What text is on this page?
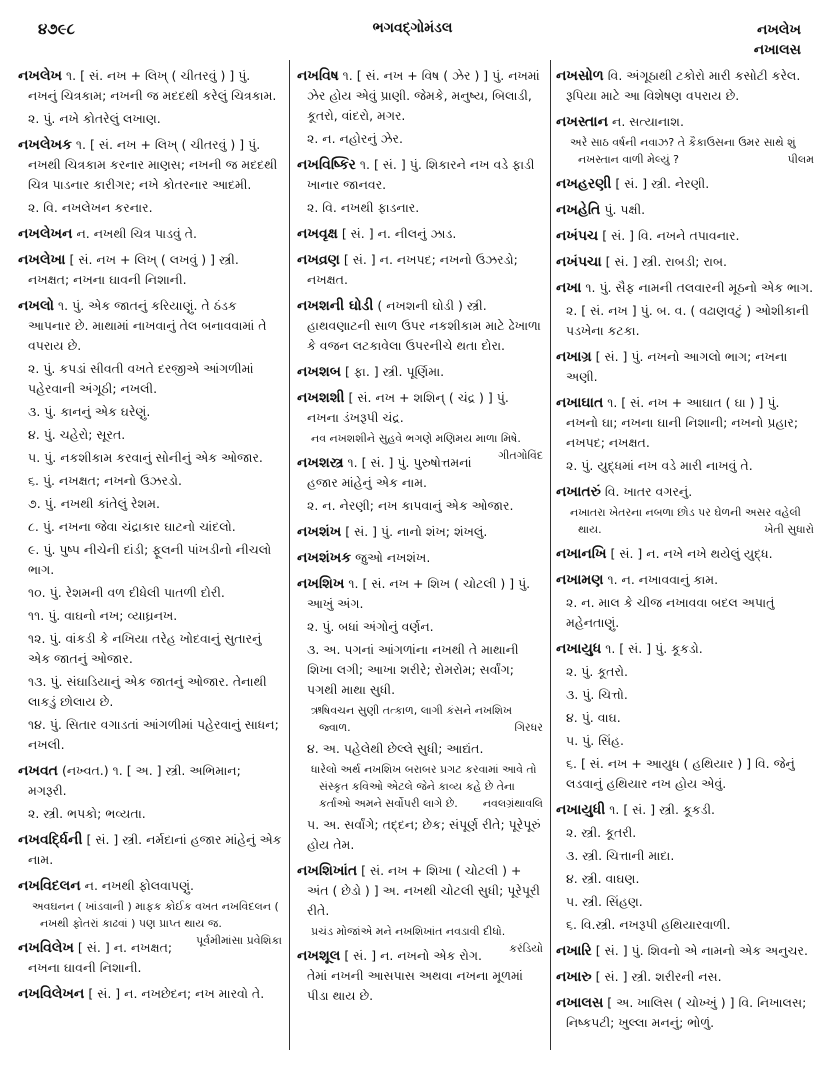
૪૭૯૮	ભગવદ્ગોમંડલ	નખલેખ
નખાલસ
નખલેખ ૧. [ સં. નખ + લિખ્ ( ચીતરવું ) ] પું. નખનું ચિત્રકામ; નખની જ મદદથી કરેલું ચિત્રકામ.
૨. પું. નખે કોતરેલું લખાણ.
નખલેખક ૧. [ સં. નખ + લિખ્ ( ચીતરવું ) ] પું. નખથી ચિત્રકામ કરનાર માણસ; નખની જ મદદથી ચિત્ર પાડનાર કારીગર; નખે કોતરનાર આદમી.
૨. વિ. નખલેખન કરનાર.
નખલેખન ન. નખથી ચિત્ર પાડવું તે.
નખલેખા [ સં. નખ + લિખ્ ( લખવું ) ] સ્ત્રી. નખક્ષત; નખના ઘાવની નિશાની.
નખલો ૧. પું. એક જાતનું કરિયાણું. તે ઠંડક આપનાર છે. માથામાં નાખવાનું તેલ બનાવવામાં તે વપરાય છે.
૨. પું. કપડાં સીવતી વખતે દરજીએ આંગળીમાં પહેરવાની અંગૂઠી; નખલી.
૩. પું. કાનનું એક ઘરેણું.
૪. પું. ચહેરો; સૂરત.
૫. પું. નકશીકામ કરવાનું સોનીનું એક ઓજાર.
૬. પું. નખક્ષત; નખનો ઉઝરડો.
૭. પું. નખથી કાંતેલું રેશમ.
૮. પું. નખના જેવા ચંદ્રાકાર ઘાટનો ચાંદલો.
૯. પું. પુષ્પ નીચેની દાંડી; ફૂલની પાંખડીનો નીચલો ભાગ.
૧૦. પું. રેશમની વળ દીધેલી પાતળી દોરી.
૧૧. પું. વાઘનો નખ; વ્યાઘ્રનખ.
૧૨. પું. વાંકડી કે નખિયા તરેહ ખોદવાનું સુતારનું એક જાતનું ઓજાર.
૧૩. પું. સંઘાડિયાનું એક જાતનું ઓજાર. તેનાથી લાકડું છોલાય છે.
૧૪. પું. સિતાર વગાડતાં આંગળીમાં પહેરવાનું સાધન; નખલી.
નખવત (નખ્વત.) ૧. [ અ. ] સ્ત્રી. અભિમાન; મગરૂરી.
૨. સ્ત્રી. ભપકો; ભવ્યતા.
નખવર્દ્ધિની [ સં. ] સ્ત્રી. નર્મદાનાં હજાર માંહેનું એક નામ.
નખવિદલન ન. નખથી ફોલવાપણું.
અવઘનન ( ખાંડવાની ) માફક કોઈક વખત નખવિદલન ( નખથી ફોતરાં કાઢવાં ) પણ પ્રાપ્ત થાય જ.
પૂર્વમીમાંસા પ્રવેશિકા
નખવિલેખ [ સં. ] ન. નખક્ષત; નખના ઘાવની નિશાની.
નખવિલેખન [ સં. ] ન. નખછેદન; નખ મારવો તે.
નખવિષ ૧. [ સં. નખ + વિષ ( ઝેર ) ] પું. નખમાં ઝેર હોય એવું પ્રાણી. જેમકે, મનુષ્ય, બિલાડી, કૂતરો, વાંદરો, મગર.
૨. ન. નહોરનું ઝેર.
નખવિષ્કિર ૧. [ સં. ] પું. શિકારને નખ વડે ફાડી ખાનાર જાનવર.
૨. વિ. નખથી ફાડનાર.
નખવૃક્ષ [ સં. ] ન. નીલનું ઝાડ.
નખવ્રણ [ સં. ] ન. નખપદ; નખનો ઉઝરડો; નખક્ષત.
નખશની ઘોડી ( નખશની ઘોડી ) સ્ત્રી. હાથવણાટની સાળ ઉપર નકશીકામ માટે ઢેખાળા કે વજન લટકાવેલા ઉપરનીચે થતા દોરા.
નખશબ [ ફા. ] સ્ત્રી. પૂર્ણિમા.
નખશશી [ સં. નખ + શશિન્ ( ચંદ્ર ) ] પું. નખના ડંખરૂપી ચંદ્ર.
નવ નખશશીને સુહવે ભગણે મણિમય માળા મિષે.
ગીતગોવિંદ
નખશસ્ત્ર ૧. [ સં. ] પું. પુરુષોત્તમનાં હજાર માંહેનું એક નામ.
૨. ન. નેરણી; નખ કાપવાનું એક ઓજાર.
નખશંખ [ સં. ] પું. નાનો શંખ; શંખલું.
નખશંખક જુઓ નખશંખ.
નખશિખ ૧. [ સં. નખ + શિખ ( ચોટલી ) ] પું. આખું અંગ.
૨. પું. બધાં અંગોનું વર્ણન.
૩. અ. પગનાં આંગળાંના નખથી તે માથાની શિખા લગી; આખા શરીરે; રોમરોમ; સર્વાંગ; પગથી માથા સુધી.
ઋષિવચન સુણી તત્કાળ, લાગી કંસને નખશિખ જ્વાળ.	ગિરધર
૪. અ. પહેલેથી છેલ્લે સુધી; આદ્યંત.
ધારેલો અર્થ નખશિખ બરાબર પ્રગટ કરવામાં આવે તો સંસ્કૃત કવિઓ એટલે જેને કાવ્ય કહે છે તેના કર્તાઓ અમને સર્વોપરી લાગે છે. નવલગ્રંથાવલિ
૫. અ. સર્વાંગે; તદ્દન; છેક; સંપૂર્ણ રીતે; પૂરેપૂરું હોય તેમ.
નખશિખાંત [ સં. નખ + શિખા ( ચોટલી ) + અંત ( છેડો ) ] અ. નખથી ચોટલી સુધી; પૂરેપૂરી રીતે.
પ્રચંડ મોજાંએ મને નખશિખાંત નવડાવી દીધો.
કરંડિયો
નખશૂલ [ સં. ] ન. નખનો એક રોગ. તેમાં નખની આસપાસ અથવા નખના મૂળમાં પીડા થાય છે.
નખસોળ વિ. અંગૂઠાથી ટકોરો મારી કસોટી કરેલ. રૂપિયા માટે આ વિશેષણ વપરાય છે.
નખસ્તાન ન. સત્યાનાશ.
અરે સાઠ વર્ષની નવાઝ? તે કૈકાઉસના ઉમર સાથે શું નખસ્તાન વાળી મેલ્યું ?	પીલમ
નખહરણી [ સં. ] સ્ત્રી. નેરણી.
નખહેતિ પું. પક્ષી.
નખંપચ [ સં. ] વિ. નખને તપાવનાર.
નખંપચા [ સં. ] સ્ત્રી. રાબડી; રાબ.
નખા ૧. પું. સૈફ નામની તલવારની મૂઠનો એક ભાગ.
૨. [ સં. નખ ] પું. બ. વ. ( વઢાણવટું ) ઓશીકાની પડખેના કટકા.
નખાગ્ર [ સં. ] પું. નખનો આગલો ભાગ; નખના અણી.
નખાઘાત ૧. [ સં. નખ + આઘાત ( ઘા ) ] પું. નખનો ઘા; નખના ઘાની નિશાની; નખનો પ્રહાર; નખપદ; નખક્ષત.
૨. પું. યુદ્ધમાં નખ વડે મારી નાખવું તે.
નખાતરું વિ. ખાતર વગરનું.
નખાતરા ખેતરના નબળા છોડ પર ઘેળની અસર વહેલી થાય.	ખેતી સુધારો
નખાનખિ [ સં. ] ન. નખે નખે થયેલું યુદ્ધ.
નખામણ ૧. ન. નખાવવાનું કામ.
૨. ન. માલ કે ચીજ નખાવવા બદલ અપાતું મહેનતાણું.
નખાયુધ ૧. [ સં. ] પું. કૂકડો.
૨. પું. કૂતરો.
૩. પું. ચિત્તો.
૪. પું. વાઘ.
૫. પું. સિંહ.
૬. [ સં. નખ + આયુધ ( હથિયાર ) ] વિ. જેનું લડવાનું હથિયાર નખ હોય એવું.
નખાયુધી ૧. [ સં. ] સ્ત્રી. કૂકડી.
૨. સ્ત્રી. કૂતરી.
૩. સ્ત્રી. ચિત્તાની માદા.
૪. સ્ત્રી. વાઘણ.
૫. સ્ત્રી. સિંહણ.
૬. વિ.સ્ત્રી. નખરૂપી હથિયારવાળી.
નખારિ [ સં. ] પું. શિવનો એ નામનો એક અનુચર.
નખારુ [ સં. ] સ્ત્રી. શરીરની નસ.
નખાલસ [ અ. ખાલિસ ( ચોખ્ખું ) ] વિ. નિખાલસ; નિષ્કપટી; ખુલ્લા મનનું; ભોળું.
